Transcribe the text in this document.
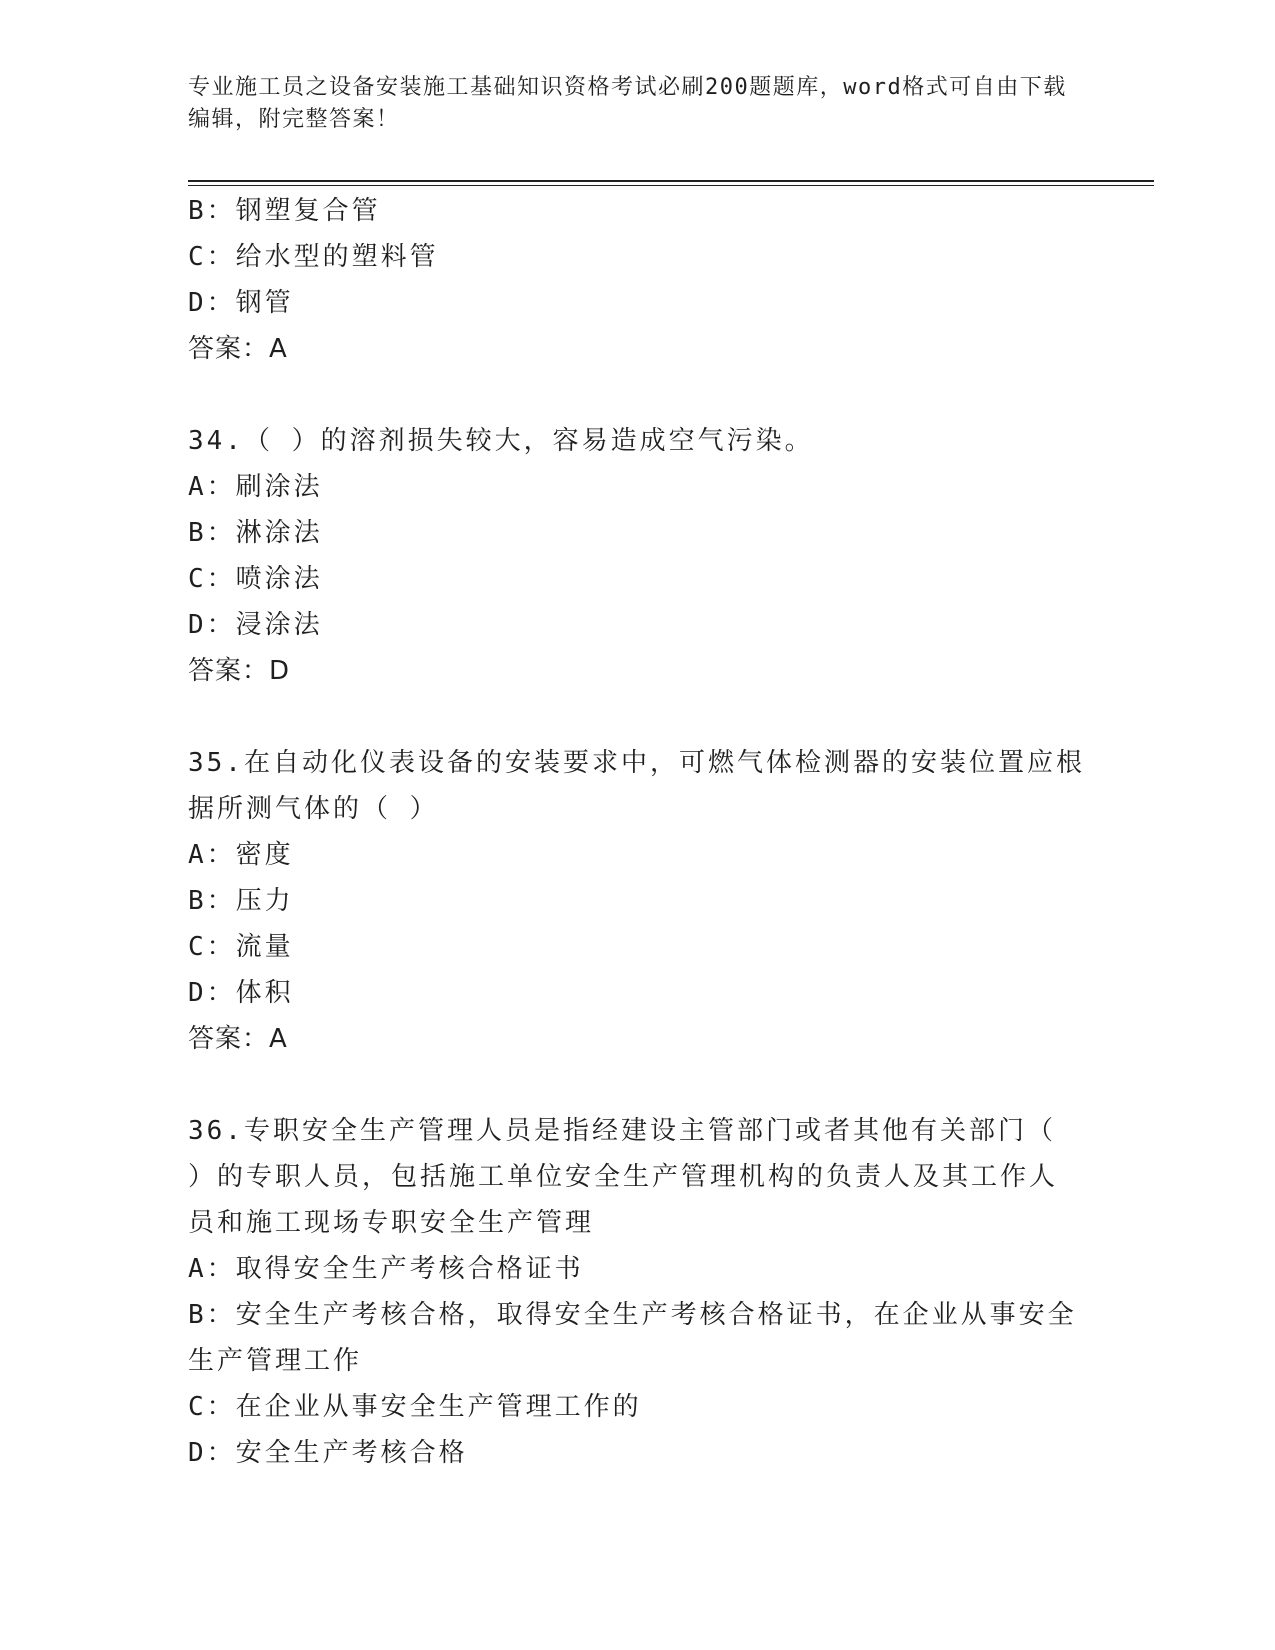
专业施工员之设备安装施工基础知识资格考试必刷200题题库，word格式可自由下载编辑，附完整答案！
B：钢塑复合管
C：给水型的塑料管
D：钢管
答案：A
34.（ ）的溶剂损失较大，容易造成空气污染。
A：刷涂法
B：淋涂法
C：喷涂法
D：浸涂法
答案：D
35.在自动化仪表设备的安装要求中，可燃气体检测器的安装位置应根
据所测气体的（ ）
A：密度
B：压力
C：流量
D：体积
答案：A
36.专职安全生产管理人员是指经建设主管部门或者其他有关部门（
）的专职人员，包括施工单位安全生产管理机构的负责人及其工作人
员和施工现场专职安全生产管理
A：取得安全生产考核合格证书
B：安全生产考核合格，取得安全生产考核合格证书，在企业从事安全
生产管理工作
C：在企业从事安全生产管理工作的
D：安全生产考核合格
